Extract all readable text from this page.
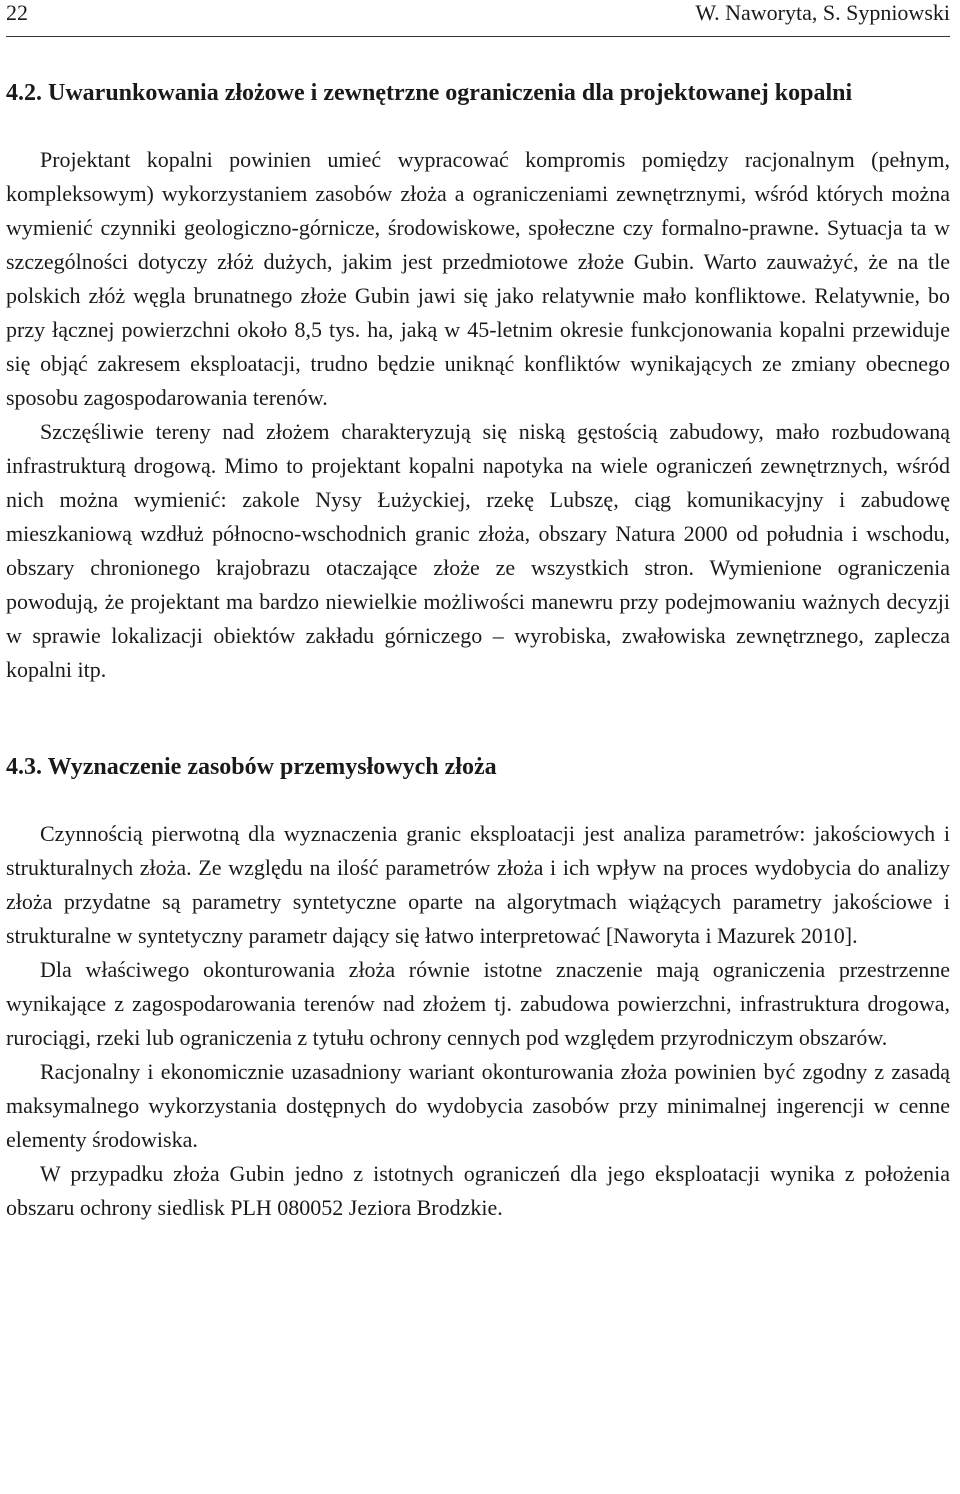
22	W. Naworyta, S. Sypniowski
4.2. Uwarunkowania złożowe i zewnętrzne ograniczenia dla projektowanej kopalni

Projektant kopalni powinien umieć wypracować kompromis pomiędzy racjonalnym (pełnym, kompleksowym) wykorzystaniem zasobów złoża a ograniczeniami zewnętrznymi, wśród których można wymienić czynniki geologiczno-górnicze, środowiskowe, społeczne czy formalno-prawne. Sytuacja ta w szczególności dotyczy złóż dużych, jakim jest przedmiotowe złoże Gubin. Warto zauważyć, że na tle polskich złóż węgla brunatnego złoże Gubin jawi się jako relatywnie mało konfliktowe. Relatywnie, bo przy łącznej powierzchni około 8,5 tys. ha, jaką w 45-letnim okresie funkcjonowania kopalni przewiduje się objąć zakresem eksploatacji, trudno będzie uniknąć konfliktów wynikających ze zmiany obecnego sposobu zagospodarowania terenów.

Szczęśliwie tereny nad złożem charakteryzują się niską gęstością zabudowy, mało rozbudowaną infrastrukturą drogową. Mimo to projektant kopalni napotyka na wiele ograniczeń zewnętrznych, wśród nich można wymienić: zakole Nysy Łużyckiej, rzekę Lubszę, ciąg komunikacyjny i zabudowę mieszkaniową wzdłuż północno-wschodnich granic złoża, obszary Natura 2000 od południa i wschodu, obszary chronionego krajobrazu otaczające złoże ze wszystkich stron. Wymienione ograniczenia powodują, że projektant ma bardzo niewielkie możliwości manewru przy podejmowaniu ważnych decyzji w sprawie lokalizacji obiektów zakładu górniczego – wyrobiska, zwałowiska zewnętrznego, zaplecza kopalni itp.

4.3. Wyznaczenie zasobów przemysłowych złoża

Czynnością pierwotną dla wyznaczenia granic eksploatacji jest analiza parametrów: jakościowych i strukturalnych złoża. Ze względu na ilość parametrów złoża i ich wpływ na proces wydobycia do analizy złoża przydatne są parametry syntetyczne oparte na algorytmach wiążących parametry jakościowe i strukturalne w syntetyczny parametr dający się łatwo interpretować [Naworyta i Mazurek 2010].

Dla właściwego okonturowania złoża równie istotne znaczenie mają ograniczenia przestrzenne wynikające z zagospodarowania terenów nad złożem tj. zabudowa powierzchni, infrastruktura drogowa, rurociągi, rzeki lub ograniczenia z tytułu ochrony cennych pod względem przyrodniczym obszarów.

Racjonalny i ekonomicznie uzasadniony wariant okonturowania złoża powinien być zgodny z zasadą maksymalnego wykorzystania dostępnych do wydobycia zasobów przy minimalnej ingerencji w cenne elementy środowiska.

W przypadku złoża Gubin jedno z istotnych ograniczeń dla jego eksploatacji wynika z położenia obszaru ochrony siedlisk PLH 080052 Jeziora Brodzkie.
